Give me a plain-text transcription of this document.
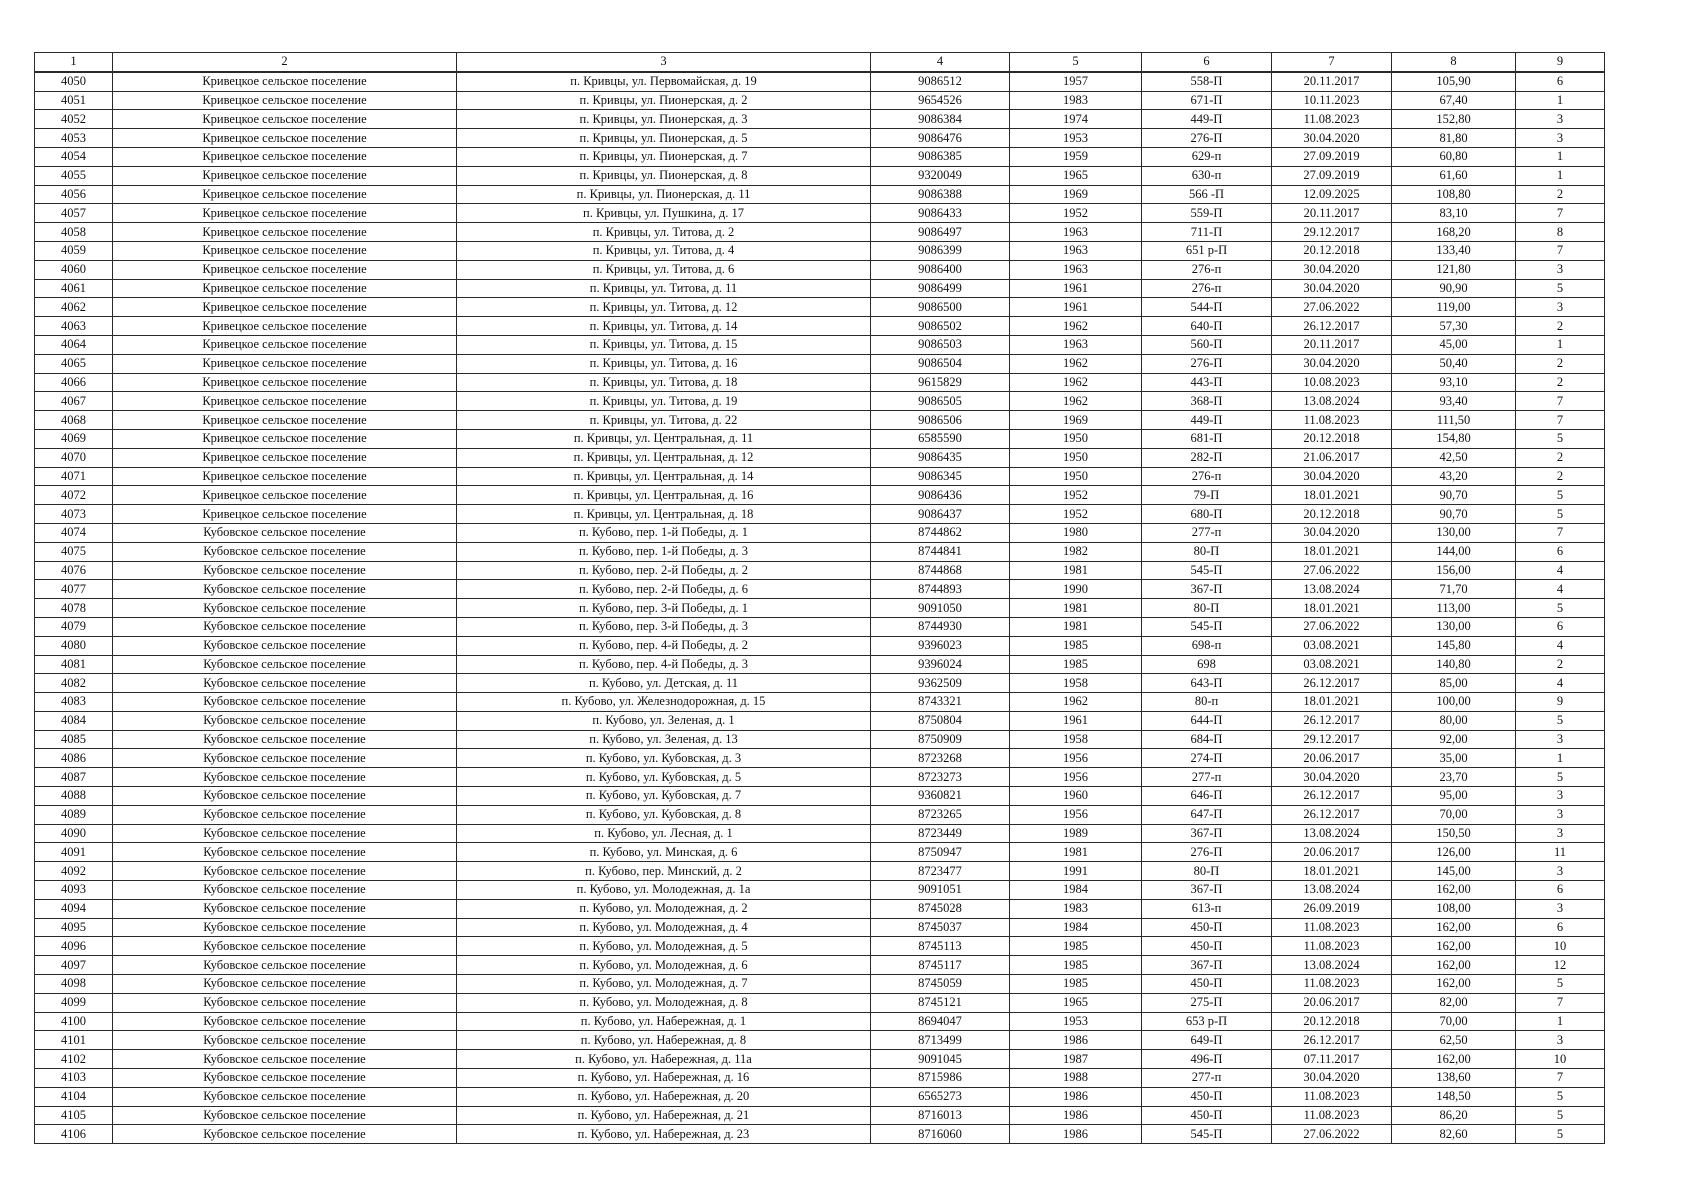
1	2	3	4	5	6	7	8	9
4050	Кривецкое сельское поселение	п. Кривцы, ул. Первомайская, д. 19	9086512	1957	558-П	20.11.2017	105,90	6
4051	Кривецкое сельское поселение	п. Кривцы, ул. Пионерская, д. 2	9654526	1983	671-П	10.11.2023	67,40	1
4052	Кривецкое сельское поселение	п. Кривцы, ул. Пионерская, д. 3	9086384	1974	449-П	11.08.2023	152,80	3
4053	Кривецкое сельское поселение	п. Кривцы, ул. Пионерская, д. 5	9086476	1953	276-П	30.04.2020	81,80	3
4054	Кривецкое сельское поселение	п. Кривцы, ул. Пионерская, д. 7	9086385	1959	629-п	27.09.2019	60,80	1
4055	Кривецкое сельское поселение	п. Кривцы, ул. Пионерская, д. 8	9320049	1965	630-п	27.09.2019	61,60	1
4056	Кривецкое сельское поселение	п. Кривцы, ул. Пионерская, д. 11	9086388	1969	566 -П	12.09.2025	108,80	2
4057	Кривецкое сельское поселение	п. Кривцы, ул. Пушкина, д. 17	9086433	1952	559-П	20.11.2017	83,10	7
4058	Кривецкое сельское поселение	п. Кривцы, ул. Титова, д. 2	9086497	1963	711-П	29.12.2017	168,20	8
4059	Кривецкое сельское поселение	п. Кривцы, ул. Титова, д. 4	9086399	1963	651 р-П	20.12.2018	133,40	7
4060	Кривецкое сельское поселение	п. Кривцы, ул. Титова, д. 6	9086400	1963	276-п	30.04.2020	121,80	3
4061	Кривецкое сельское поселение	п. Кривцы, ул. Титова, д. 11	9086499	1961	276-п	30.04.2020	90,90	5
4062	Кривецкое сельское поселение	п. Кривцы, ул. Титова, д. 12	9086500	1961	544-П	27.06.2022	119,00	3
4063	Кривецкое сельское поселение	п. Кривцы, ул. Титова, д. 14	9086502	1962	640-П	26.12.2017	57,30	2
4064	Кривецкое сельское поселение	п. Кривцы, ул. Титова, д. 15	9086503	1963	560-П	20.11.2017	45,00	1
4065	Кривецкое сельское поселение	п. Кривцы, ул. Титова, д. 16	9086504	1962	276-П	30.04.2020	50,40	2
4066	Кривецкое сельское поселение	п. Кривцы, ул. Титова, д. 18	9615829	1962	443-П	10.08.2023	93,10	2
4067	Кривецкое сельское поселение	п. Кривцы, ул. Титова, д. 19	9086505	1962	368-П	13.08.2024	93,40	7
4068	Кривецкое сельское поселение	п. Кривцы, ул. Титова, д. 22	9086506	1969	449-П	11.08.2023	111,50	7
4069	Кривецкое сельское поселение	п. Кривцы, ул. Центральная, д. 11	6585590	1950	681-П	20.12.2018	154,80	5
4070	Кривецкое сельское поселение	п. Кривцы, ул. Центральная, д. 12	9086435	1950	282-П	21.06.2017	42,50	2
4071	Кривецкое сельское поселение	п. Кривцы, ул. Центральная, д. 14	9086345	1950	276-п	30.04.2020	43,20	2
4072	Кривецкое сельское поселение	п. Кривцы, ул. Центральная, д. 16	9086436	1952	79-П	18.01.2021	90,70	5
4073	Кривецкое сельское поселение	п. Кривцы, ул. Центральная, д. 18	9086437	1952	680-П	20.12.2018	90,70	5
4074	Кубовское сельское поселение	п. Кубово, пер. 1-й Победы, д. 1	8744862	1980	277-п	30.04.2020	130,00	7
4075	Кубовское сельское поселение	п. Кубово, пер. 1-й Победы, д. 3	8744841	1982	80-П	18.01.2021	144,00	6
4076	Кубовское сельское поселение	п. Кубово, пер. 2-й Победы, д. 2	8744868	1981	545-П	27.06.2022	156,00	4
4077	Кубовское сельское поселение	п. Кубово, пер. 2-й Победы, д. 6	8744893	1990	367-П	13.08.2024	71,70	4
4078	Кубовское сельское поселение	п. Кубово, пер. 3-й Победы, д. 1	9091050	1981	80-П	18.01.2021	113,00	5
4079	Кубовское сельское поселение	п. Кубово, пер. 3-й Победы, д. 3	8744930	1981	545-П	27.06.2022	130,00	6
4080	Кубовское сельское поселение	п. Кубово, пер. 4-й Победы, д. 2	9396023	1985	698-п	03.08.2021	145,80	4
4081	Кубовское сельское поселение	п. Кубово, пер. 4-й Победы, д. 3	9396024	1985	698	03.08.2021	140,80	2
4082	Кубовское сельское поселение	п. Кубово, ул. Детская, д. 11	9362509	1958	643-П	26.12.2017	85,00	4
4083	Кубовское сельское поселение	п. Кубово, ул. Железнодорожная, д. 15	8743321	1962	80-п	18.01.2021	100,00	9
4084	Кубовское сельское поселение	п. Кубово, ул. Зеленая, д. 1	8750804	1961	644-П	26.12.2017	80,00	5
4085	Кубовское сельское поселение	п. Кубово, ул. Зеленая, д. 13	8750909	1958	684-П	29.12.2017	92,00	3
4086	Кубовское сельское поселение	п. Кубово, ул. Кубовская, д. 3	8723268	1956	274-П	20.06.2017	35,00	1
4087	Кубовское сельское поселение	п. Кубово, ул. Кубовская, д. 5	8723273	1956	277-п	30.04.2020	23,70	5
4088	Кубовское сельское поселение	п. Кубово, ул. Кубовская, д. 7	9360821	1960	646-П	26.12.2017	95,00	3
4089	Кубовское сельское поселение	п. Кубово, ул. Кубовская, д. 8	8723265	1956	647-П	26.12.2017	70,00	3
4090	Кубовское сельское поселение	п. Кубово, ул. Лесная, д. 1	8723449	1989	367-П	13.08.2024	150,50	3
4091	Кубовское сельское поселение	п. Кубово, ул. Минская, д. 6	8750947	1981	276-П	20.06.2017	126,00	11
4092	Кубовское сельское поселение	п. Кубово, пер. Минский, д. 2	8723477	1991	80-П	18.01.2021	145,00	3
4093	Кубовское сельское поселение	п. Кубово, ул. Молодежная, д. 1а	9091051	1984	367-П	13.08.2024	162,00	6
4094	Кубовское сельское поселение	п. Кубово, ул. Молодежная, д. 2	8745028	1983	613-п	26.09.2019	108,00	3
4095	Кубовское сельское поселение	п. Кубово, ул. Молодежная, д. 4	8745037	1984	450-П	11.08.2023	162,00	6
4096	Кубовское сельское поселение	п. Кубово, ул. Молодежная, д. 5	8745113	1985	450-П	11.08.2023	162,00	10
4097	Кубовское сельское поселение	п. Кубово, ул. Молодежная, д. 6	8745117	1985	367-П	13.08.2024	162,00	12
4098	Кубовское сельское поселение	п. Кубово, ул. Молодежная, д. 7	8745059	1985	450-П	11.08.2023	162,00	5
4099	Кубовское сельское поселение	п. Кубово, ул. Молодежная, д. 8	8745121	1965	275-П	20.06.2017	82,00	7
4100	Кубовское сельское поселение	п. Кубово, ул. Набережная, д. 1	8694047	1953	653 р-П	20.12.2018	70,00	1
4101	Кубовское сельское поселение	п. Кубово, ул. Набережная, д. 8	8713499	1986	649-П	26.12.2017	62,50	3
4102	Кубовское сельское поселение	п. Кубово, ул. Набережная, д. 11а	9091045	1987	496-П	07.11.2017	162,00	10
4103	Кубовское сельское поселение	п. Кубово, ул. Набережная, д. 16	8715986	1988	277-п	30.04.2020	138,60	7
4104	Кубовское сельское поселение	п. Кубово, ул. Набережная, д. 20	6565273	1986	450-П	11.08.2023	148,50	5
4105	Кубовское сельское поселение	п. Кубово, ул. Набережная, д. 21	8716013	1986	450-П	11.08.2023	86,20	5
4106	Кубовское сельское поселение	п. Кубово, ул. Набережная, д. 23	8716060	1986	545-П	27.06.2022	82,60	5
